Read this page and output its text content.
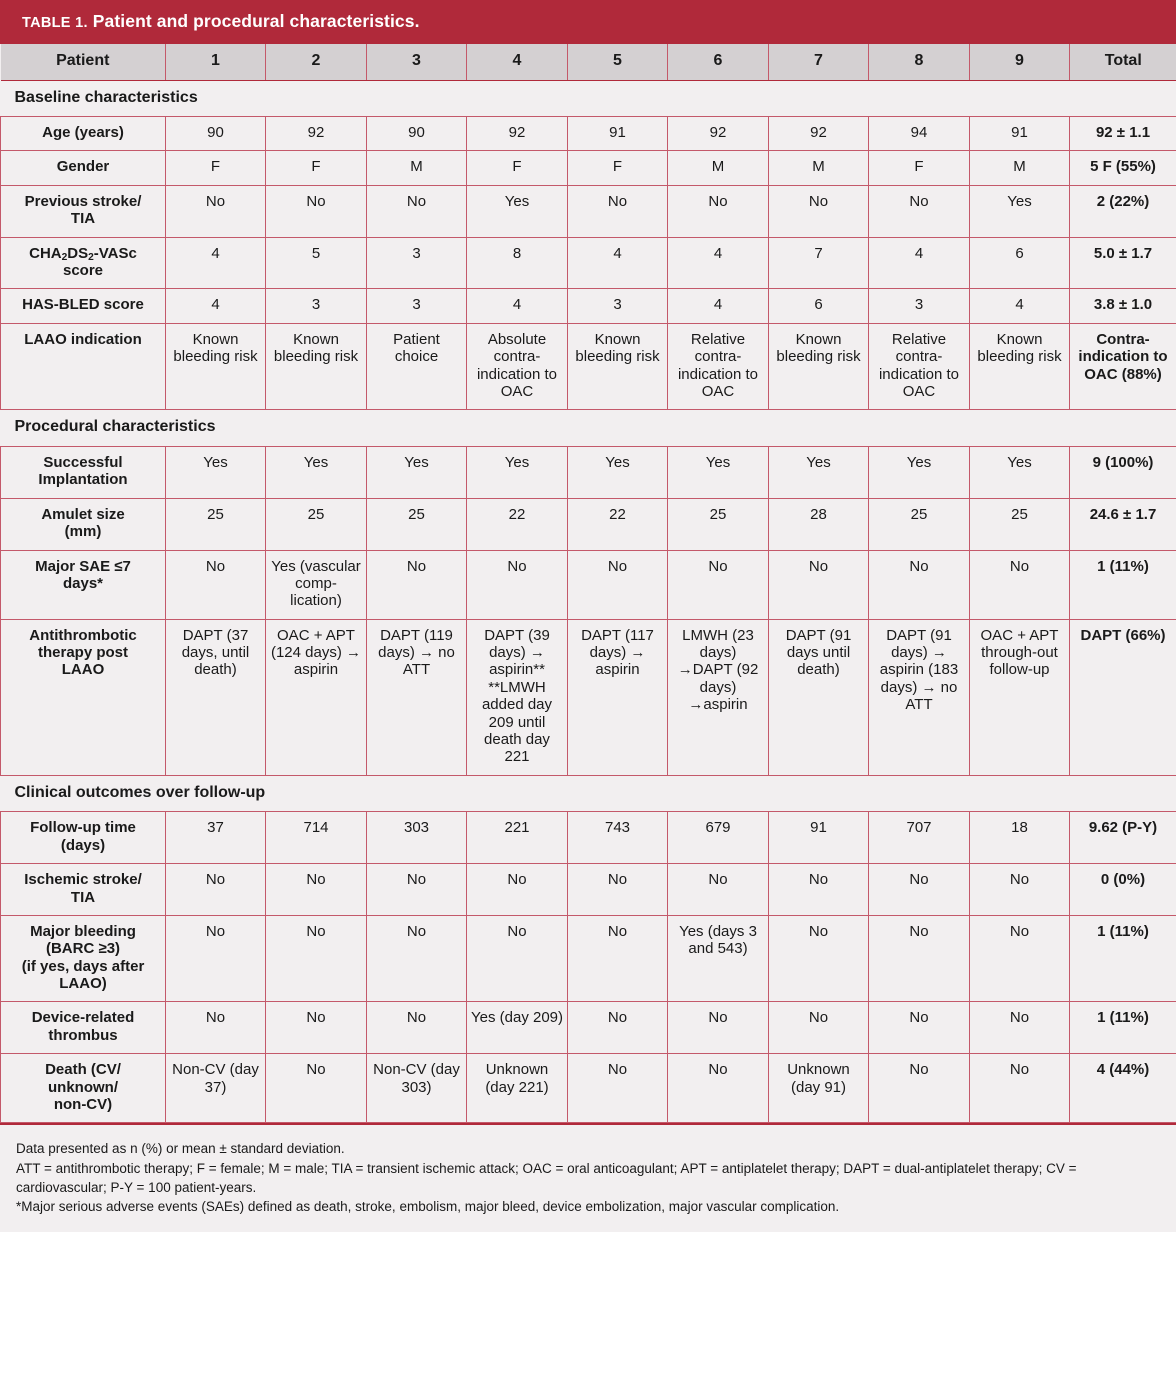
TABLE 1. Patient and procedural characteristics.
Patient	1	2	3	4	5	6	7	8	9	Total
Baseline characteristics										
Age (years)	90	92	90	92	91	92	92	94	91	92 ± 1.1
Gender	F	F	M	F	F	M	M	F	M	5 F (55%)
Previous stroke/
TIA	No	No	No	Yes	No	No	No	No	Yes	2 (22%)
$CHA_2DS_2$-VASc
score	4	5	3	8	4	4	7	4	6	5.0 ± 1.7
HAS-BLED score	4	3	3	4	3	4	6	3	4	3.8 ± 1.0
LAAO indication	Known bleeding risk	Known bleeding risk	Patient choice	Absolute contra-indication to OAC	Known bleeding risk	Relative contra-indication to OAC	Known bleeding risk	Relative contra-indication to OAC	Known bleeding risk	Contra-indication to OAC (88%)
Procedural characteristics										
Successful
Implantation	Yes	Yes	Yes	Yes	Yes	Yes	Yes	Yes	Yes	9 (100%)
Amulet size
(mm)	25	25	25	22	22	25	28	25	25	24.6 ± 1.7
Major SAE ≤7
days*	No	Yes (vascular comp-lication)	No	No	No	No	No	No	No	1 (11%)
Antithrombotic
therapy post
LAAO	DAPT (37 days, until death)	OAC + APT (124 days) → aspirin	DAPT (119 days) → no ATT	DAPT (39 days) → aspirin** **LMWH added day 209 until death day 221	DAPT (117 days) → aspirin	LMWH (23 days) →DAPT (92 days) →aspirin	DAPT (91 days until death)	DAPT (91 days) → aspirin (183 days) → no ATT	OAC + APT through-out follow-up	DAPT (66%)
Clinical outcomes over follow-up										
Follow-up time
(days)	37	714	303	221	743	679	91	707	18	9.62 (P-Y)
Ischemic stroke/
TIA	No	No	No	No	No	No	No	No	No	0 (0%)
Major bleeding
(BARC ≥3)
(if yes, days after
LAAO)	No	No	No	No	No	Yes (days 3 and 543)	No	No	No	1 (11%)
Device-related
thrombus	No	No	No	Yes (day 209)	No	No	No	No	No	1 (11%)
Death (CV/
unknown/
non-CV)	Non-CV (day 37)	No	Non-CV (day 303)	Unknown (day 221)	No	No	Unknown (day 91)	No	No	4 (44%)

Data presented as n (%) or mean ± standard deviation.

ATT = antithrombotic therapy; F = female; M = male; TIA = transient ischemic attack; OAC = oral anticoagulant; APT = antiplatelet therapy; DAPT = dual-antiplatelet therapy; CV = cardiovascular; P-Y = 100 patient-years.

*Major serious adverse events (SAEs) defined as death, stroke, embolism, major bleed, device embolization, major vascular complication.
